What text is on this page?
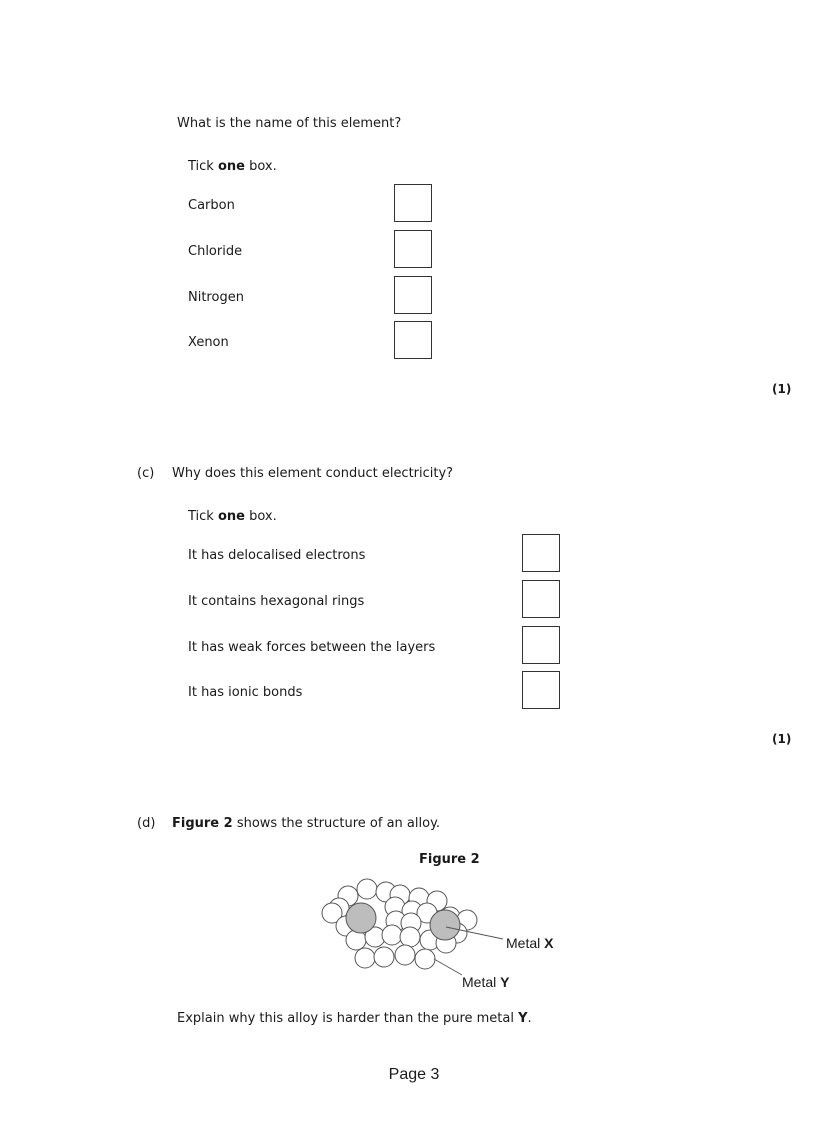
What is the name of this element?
Tick one box.
Carbon
Chloride
Nitrogen
Xenon
(1)
(c) Why does this element conduct electricity?
Tick one box.
It has delocalised electrons
It contains hexagonal rings
It has weak forces between the layers
It has ionic bonds
(1)
(d) Figure 2 shows the structure of an alloy.
Figure 2
Metal X
Metal Y
Explain why this alloy is harder than the pure metal Y.
Page 3
